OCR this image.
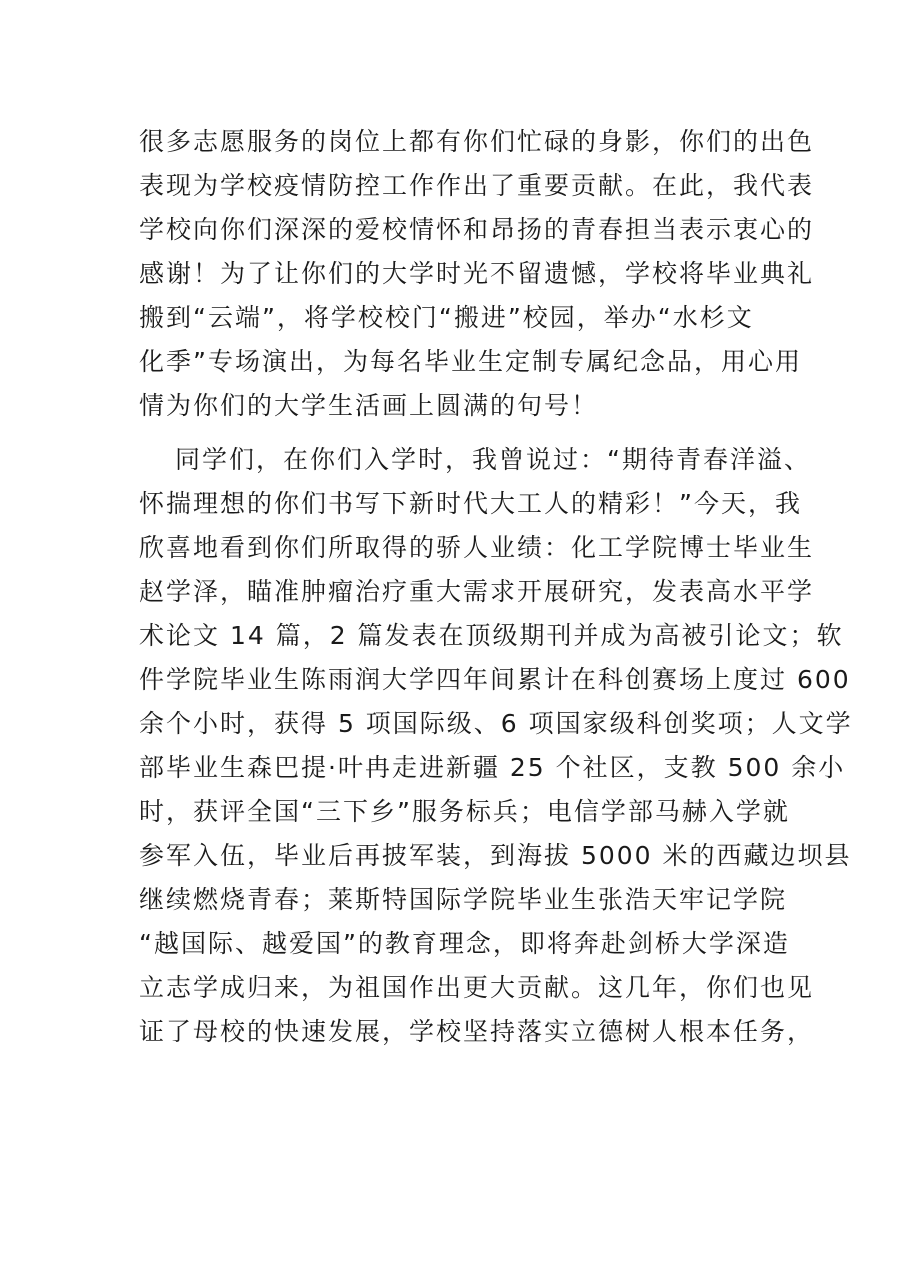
很多志愿服务的岗位上都有你们忙碌的身影，你们的出色
表现为学校疫情防控工作作出了重要贡献。在此，我代表
学校向你们深深的爱校情怀和昂扬的青春担当表示衷心的
感谢！为了让你们的大学时光不留遗憾，学校将毕业典礼
搬到“云端”，将学校校门“搬进”校园，举办“水杉文
化季”专场演出，为每名毕业生定制专属纪念品，用心用
情为你们的大学生活画上圆满的句号！
同学们，在你们入学时，我曾说过：“期待青春洋溢、
怀揣理想的你们书写下新时代大工人的精彩！”今天，我
欣喜地看到你们所取得的骄人业绩：化工学院博士毕业生
赵学泽，瞄准肿瘤治疗重大需求开展研究，发表高水平学
术论文 14 篇，2 篇发表在顶级期刊并成为高被引论文；软
件学院毕业生陈雨润大学四年间累计在科创赛场上度过 600
余个小时，获得 5 项国际级、6 项国家级科创奖项；人文学
部毕业生森巴提·叶冉走进新疆 25 个社区，支教 500 余小
时，获评全国“三下乡”服务标兵；电信学部马赫入学就
参军入伍，毕业后再披军装，到海拔 5000 米的西藏边坝县
继续燃烧青春；莱斯特国际学院毕业生张浩天牢记学院
“越国际、越爱国”的教育理念，即将奔赴剑桥大学深造
立志学成归来，为祖国作出更大贡献。这几年，你们也见
证了母校的快速发展，学校坚持落实立德树人根本任务，
